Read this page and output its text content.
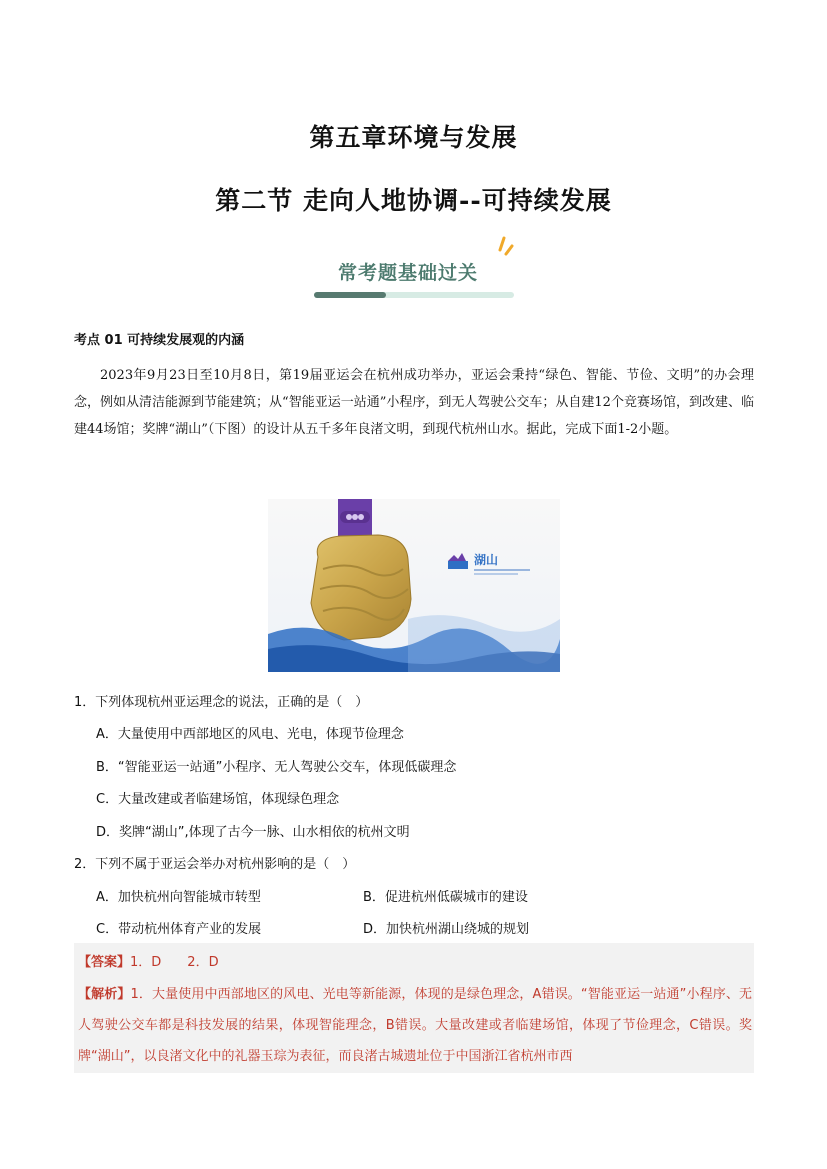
第五章环境与发展
第二节 走向人地协调--可持续发展
常考题基础过关
考点 01 可持续发展观的内涵
2023年9月23日至10月8日，第19届亚运会在杭州成功举办，亚运会秉持“绿色、智能、节俭、文明”的办会理念，例如从清洁能源到节能建筑；从“智能亚运一站通”小程序，到无人驾驶公交车；从自建12个竞赛场馆，到改建、临建44场馆；奖牌“湖山”（下图）的设计从五千多年良渚文明，到现代杭州山水。据此，完成下面1-2小题。
湖山
1．下列体现杭州亚运理念的说法，正确的是（　）
A．大量使用中西部地区的风电、光电，体现节俭理念
B．“智能亚运一站通”小程序、无人驾驶公交车，体现低碳理念
C．大量改建或者临建场馆，体现绿色理念
D．奖牌“湖山”,体现了古今一脉、山水相依的杭州文明
2．下列不属于亚运会举办对杭州影响的是（　）
A．加快杭州向智能城市转型	B．促进杭州低碳城市的建设
C．带动杭州体育产业的发展	D．加快杭州湖山绕城的规划
【答案】1．D　　2．D
【解析】1．大量使用中西部地区的风电、光电等新能源，体现的是绿色理念，A错误。“智能亚运一站通”小程序、无人驾驶公交车都是科技发展的结果，体现智能理念，B错误。大量改建或者临建场馆，体现了节俭理念，C错误。奖牌“湖山”，以良渚文化中的礼器玉琮为表征，而良渚古城遗址位于中国浙江省杭州市西
